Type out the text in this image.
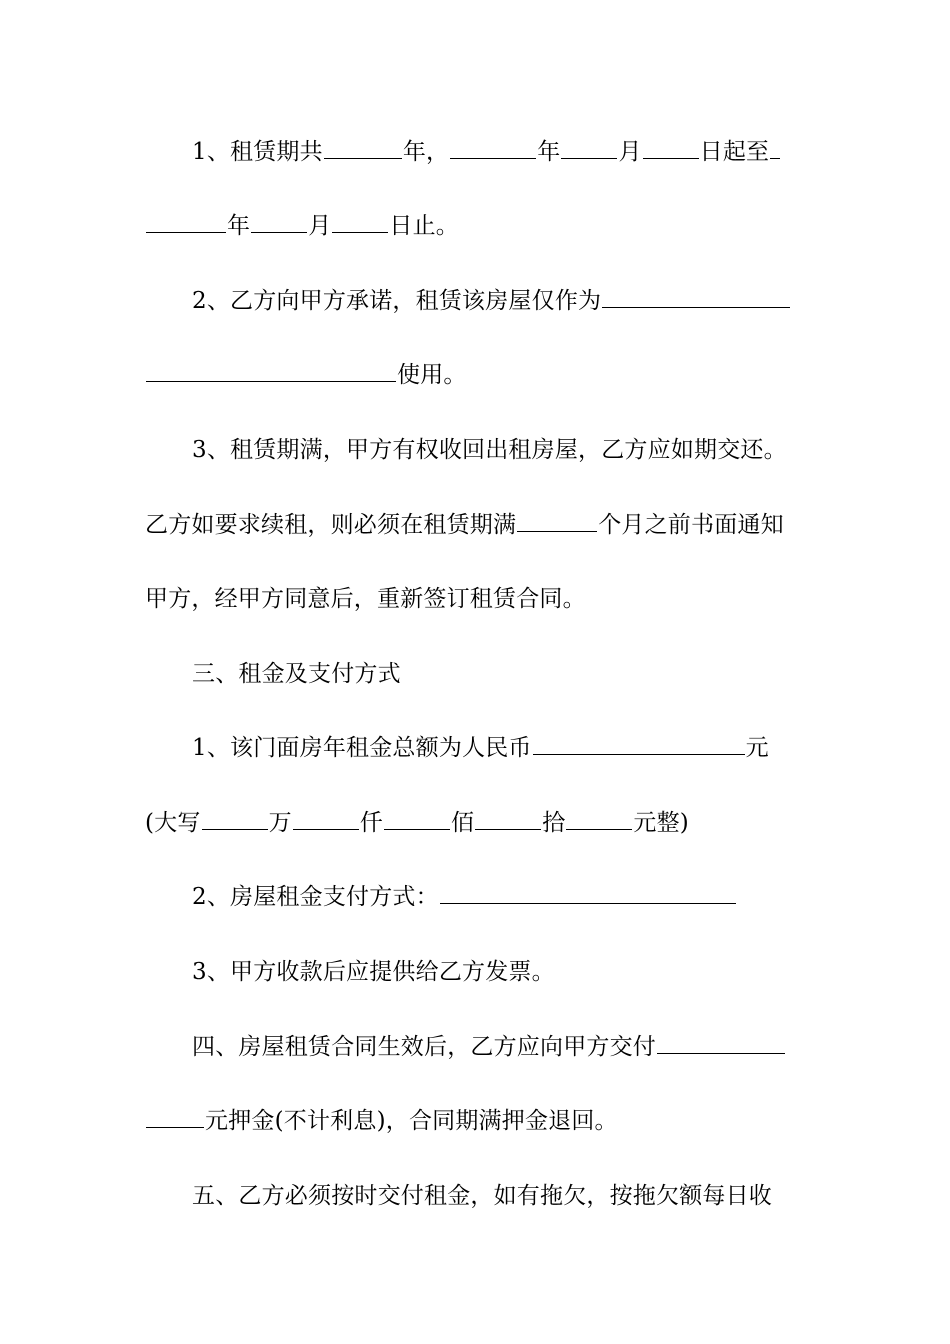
1、租赁期共	年，	年	月	日起至
年	月	日止。
2、乙方向甲方承诺，租赁该房屋仅作为
使用。
3、租赁期满，甲方有权收回出租房屋，乙方应如期交还。
乙方如要求续租，则必须在租赁期满	个月之前书面通知
甲方，经甲方同意后，重新签订租赁合同。
三、租金及支付方式
1、该门面房年租金总额为人民币	元
(大写	万	仟	佰	拾	元整)
2、房屋租金支付方式：
3、甲方收款后应提供给乙方发票。
四、房屋租赁合同生效后，乙方应向甲方交付
元押金(不计利息)，合同期满押金退回。
五、乙方必须按时交付租金，如有拖欠，按拖欠额每日收
